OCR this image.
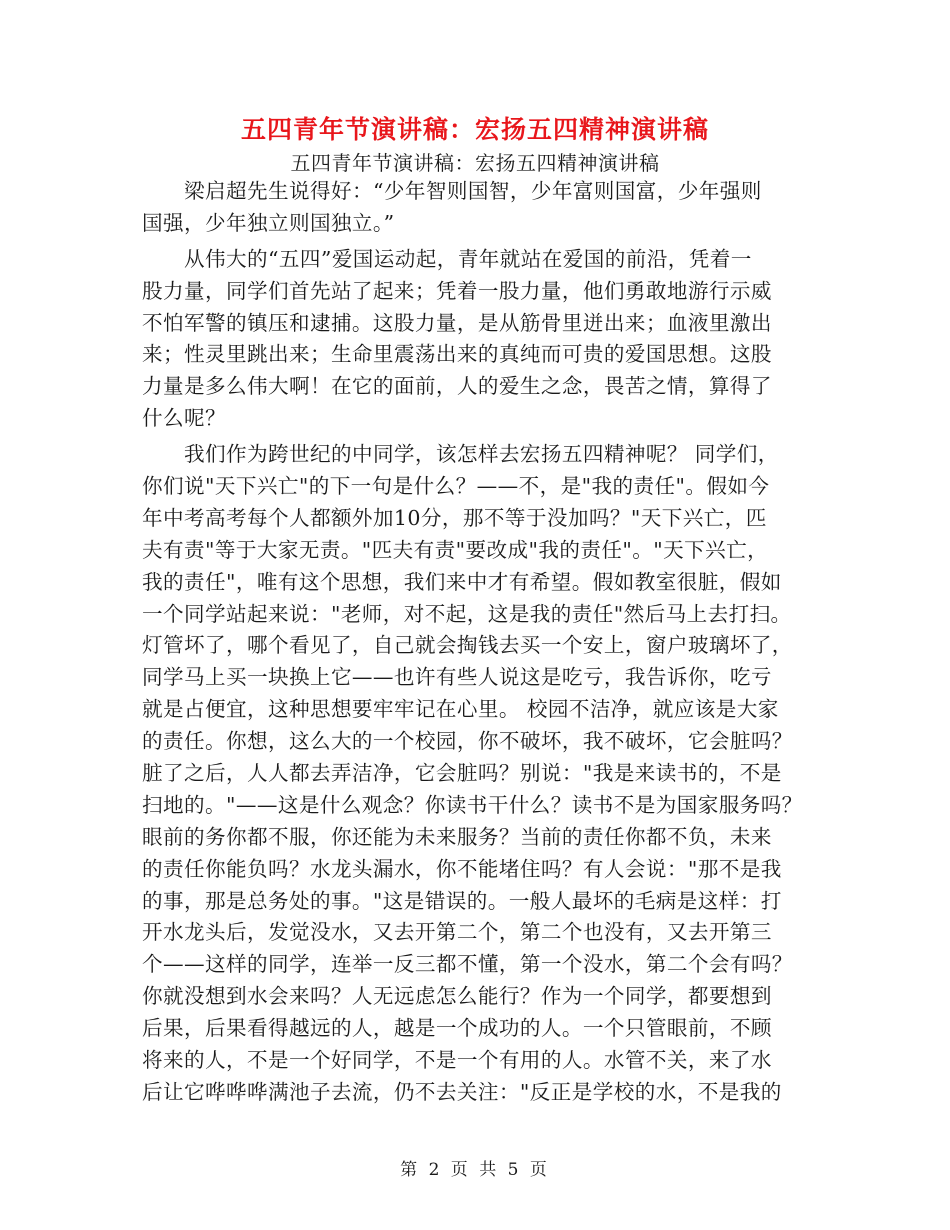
五四青年节演讲稿：宏扬五四精神演讲稿
五四青年节演讲稿：宏扬五四精神演讲稿
梁启超先生说得好：“少年智则国智，少年富则国富，少年强则
国强，少年独立则国独立。”
从伟大的“五四”爱国运动起，青年就站在爱国的前沿，凭着一
股力量，同学们首先站了起来；凭着一股力量，他们勇敢地游行示威
不怕军警的镇压和逮捕。这股力量，是从筋骨里迸出来；血液里激出
来；性灵里跳出来；生命里震荡出来的真纯而可贵的爱国思想。这股
力量是多么伟大啊！在它的面前，人的爱生之念，畏苦之情，算得了
什么呢？
我们作为跨世纪的中同学，该怎样去宏扬五四精神呢？ 同学们，
你们说"天下兴亡"的下一句是什么？——不，是"我的责任"。假如今
年中考高考每个人都额外加10分，那不等于没加吗？"天下兴亡，匹
夫有责"等于大家无责。"匹夫有责"要改成"我的责任"。"天下兴亡，
我的责任"，唯有这个思想，我们来中才有希望。假如教室很脏，假如
一个同学站起来说："老师，对不起，这是我的责任"然后马上去打扫。
灯管坏了，哪个看见了，自己就会掏钱去买一个安上，窗户玻璃坏了，
同学马上买一块换上它——也许有些人说这是吃亏，我告诉你，吃亏
就是占便宜，这种思想要牢牢记在心里。 校园不洁净，就应该是大家
的责任。你想，这么大的一个校园，你不破坏，我不破坏，它会脏吗？
脏了之后，人人都去弄洁净，它会脏吗？别说："我是来读书的，不是
扫地的。"——这是什么观念？你读书干什么？读书不是为国家服务吗？
眼前的务你都不服，你还能为未来服务？当前的责任你都不负，未来
的责任你能负吗？水龙头漏水，你不能堵住吗？有人会说："那不是我
的事，那是总务处的事。"这是错误的。一般人最坏的毛病是这样：打
开水龙头后，发觉没水，又去开第二个，第二个也没有，又去开第三
个——这样的同学，连举一反三都不懂，第一个没水，第二个会有吗？
你就没想到水会来吗？人无远虑怎么能行？作为一个同学，都要想到
后果，后果看得越远的人，越是一个成功的人。一个只管眼前，不顾
将来的人，不是一个好同学，不是一个有用的人。水管不关，来了水
后让它哗哗哗满池子去流，仍不去关注："反正是学校的水，不是我的
第 2 页 共 5 页
